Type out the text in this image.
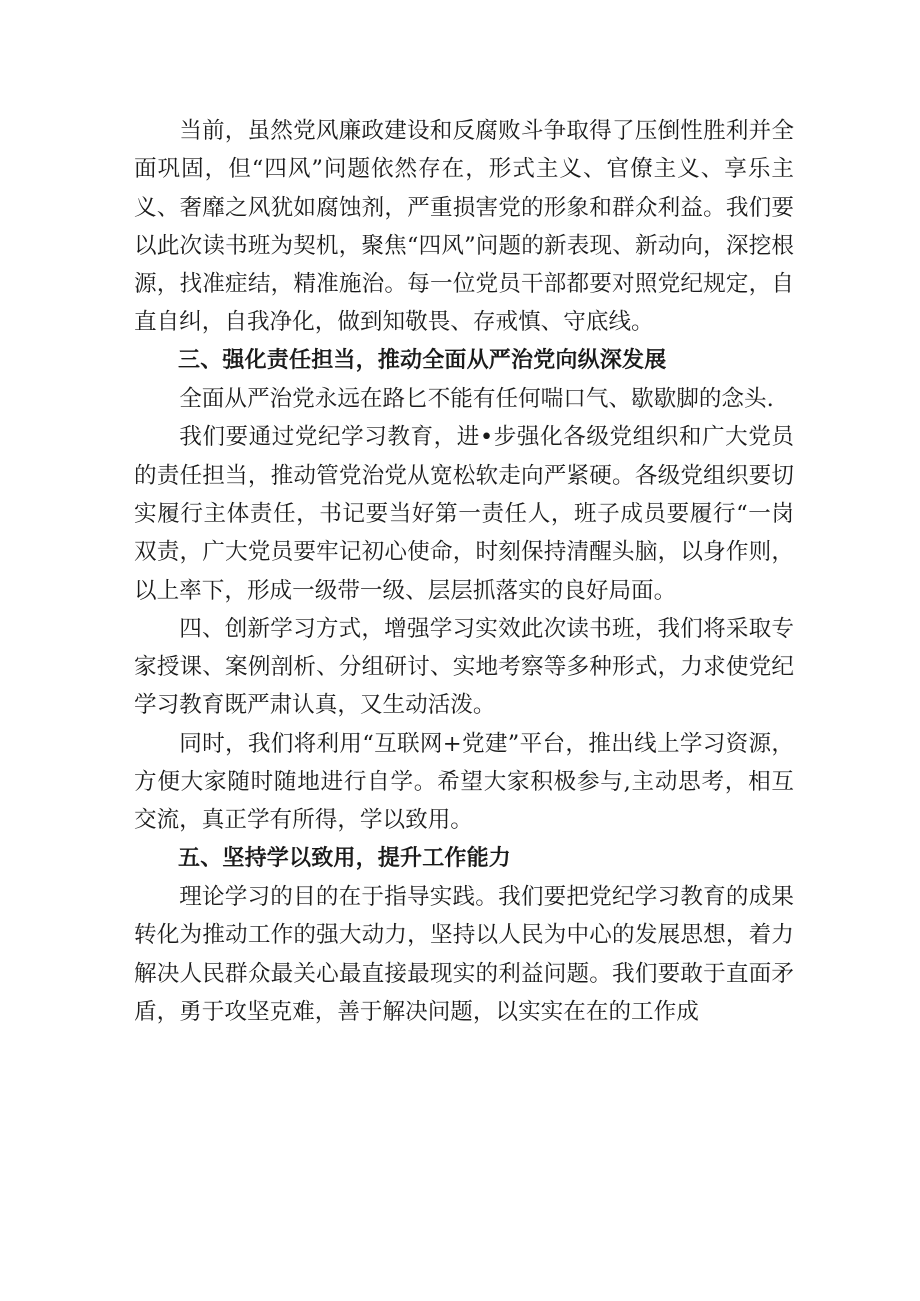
当前，虽然党风廉政建设和反腐败斗争取得了压倒性胜利并全面巩固，但“四风”问题依然存在，形式主义、官僚主义、享乐主义、奢靡之风犹如腐蚀剂，严重损害党的形象和群众利益。我们要以此次读书班为契机，聚焦“四风”问题的新表现、新动向，深挖根源，找准症结，精准施治。每一位党员干部都要对照党纪规定，自直自纠，自我净化，做到知敬畏、存戒慎、守底线。

三、强化责任担当，推动全面从严治党向纵深发展

全面从严治党永远在路匕不能有任何喘口气、歇歇脚的念头.

我们要通过党纪学习教育，进•步强化各级党组织和广大党员的责任担当，推动管党治党从宽松软走向严紧硬。各级党组织要切实履行主体责任，书记要当好第一责任人，班子成员要履行“一岗双责，广大党员要牢记初心使命，时刻保持清醒头脑，以身作则，以上率下，形成一级带一级、层层抓落实的良好局面。

四、创新学习方式，增强学习实效此次读书班，我们将采取专家授课、案例剖析、分组研讨、实地考察等多种形式，力求使党纪学习教育既严肃认真，又生动活泼。

同时，我们将利用“互联网+党建”平台，推出线上学习资源，方便大家随时随地进行自学。希望大家积极参与,主动思考，相互交流，真正学有所得，学以致用。

五、坚持学以致用，提升工作能力

理论学习的目的在于指导实践。我们要把党纪学习教育的成果转化为推动工作的强大动力，坚持以人民为中心的发展思想，着力解决人民群众最关心最直接最现实的利益问题。我们要敢于直面矛盾，勇于攻坚克难，善于解决问题，以实实在在的工作成
